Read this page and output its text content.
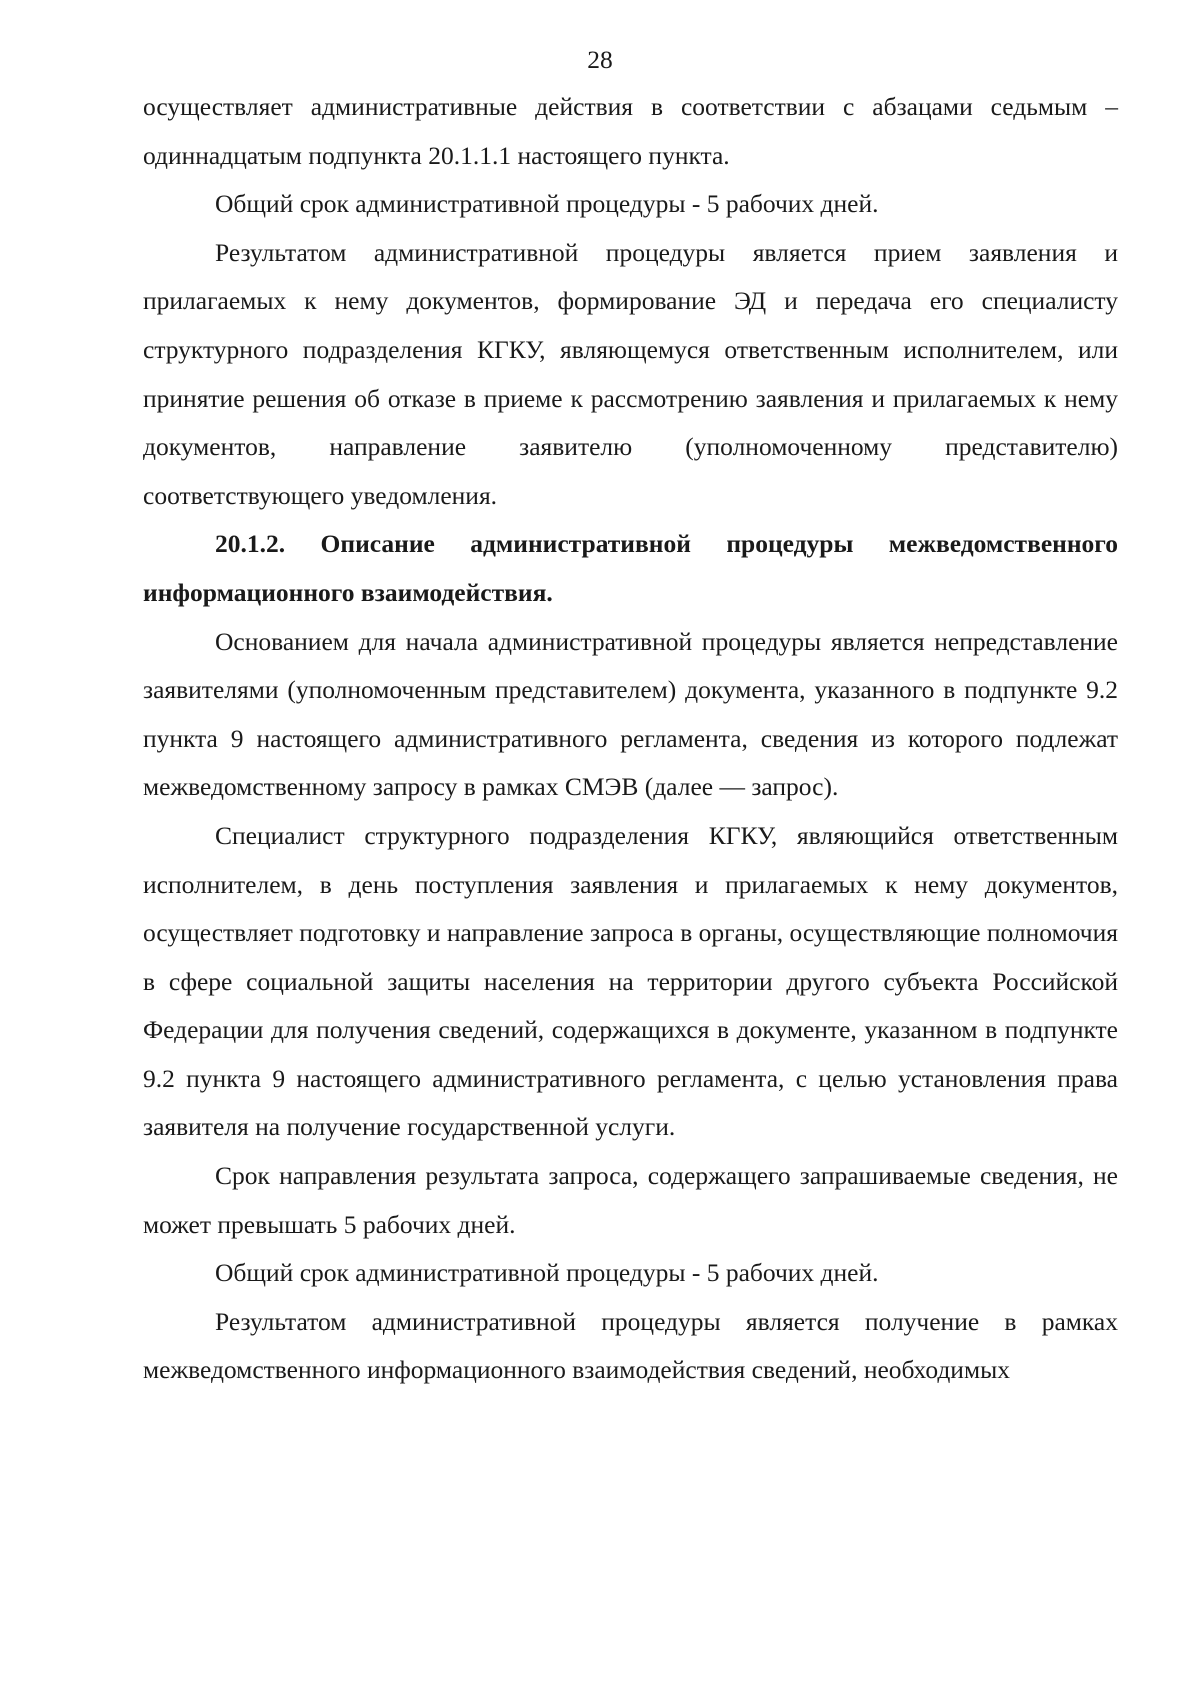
28

осуществляет административные действия в соответствии с абзацами седьмым – одиннадцатым подпункта 20.1.1.1 настоящего пункта.

Общий срок административной процедуры - 5 рабочих дней.

Результатом административной процедуры является прием заявления и прилагаемых к нему документов, формирование ЭД и передача его специалисту структурного подразделения КГКУ, являющемуся ответственным исполнителем, или принятие решения об отказе в приеме к рассмотрению заявления и прилагаемых к нему документов, направление заявителю (уполномоченному представителю) соответствующего уведомления.

20.1.2. Описание административной процедуры межведомственного информационного взаимодействия.

Основанием для начала административной процедуры является непредставление заявителями (уполномоченным представителем) документа, указанного в подпункте 9.2 пункта 9 настоящего административного регламента, сведения из которого подлежат межведомственному запросу в рамках СМЭВ (далее — запрос).

Специалист структурного подразделения КГКУ, являющийся ответственным исполнителем, в день поступления заявления и прилагаемых к нему документов, осуществляет подготовку и направление запроса в органы, осуществляющие полномочия в сфере социальной защиты населения на территории другого субъекта Российской Федерации для получения сведений, содержащихся в документе, указанном в подпункте 9.2 пункта 9 настоящего административного регламента, с целью установления права заявителя на получение государственной услуги.

Срок направления результата запроса, содержащего запрашиваемые сведения, не может превышать 5 рабочих дней.

Общий срок административной процедуры - 5 рабочих дней.

Результатом административной процедуры является получение в рамках межведомственного информационного взаимодействия сведений, необходимых
